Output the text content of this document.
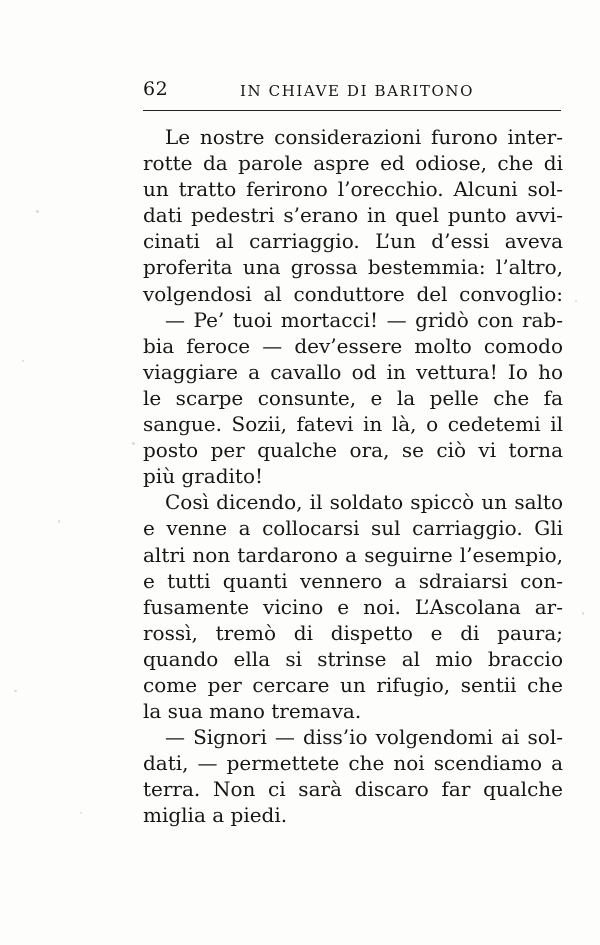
62	IN CHIAVE DI BARITONO
Le nostre considerazioni furono inter-
rotte da parole aspre ed odiose, che di
un tratto ferirono l’orecchio. Alcuni sol-
dati pedestri s’erano in quel punto avvi-
cinati al carriaggio. L’un d’essi aveva
proferita una grossa bestemmia: l’altro,
volgendosi al conduttore del convoglio:
— Pe’ tuoi mortacci! — gridò con rab-
bia feroce — dev’essere molto comodo
viaggiare a cavallo od in vettura! Io ho
le scarpe consunte, e la pelle che fa
sangue. Sozii, fatevi in là, o cedetemi il
posto per qualche ora, se ciò vi torna
più gradito!
Così dicendo, il soldato spiccò un salto
e venne a collocarsi sul carriaggio. Gli
altri non tardarono a seguirne l’esempio,
e tutti quanti vennero a sdraiarsi con-
fusamente vicino e noi. L’Ascolana ar-
rossì, tremò di dispetto e di paura;
quando ella si strinse al mio braccio
come per cercare un rifugio, sentii che
la sua mano tremava.
— Signori — diss’io volgendomi ai sol-
dati, — permettete che noi scendiamo a
terra. Non ci sarà discaro far qualche
miglia a piedi.
